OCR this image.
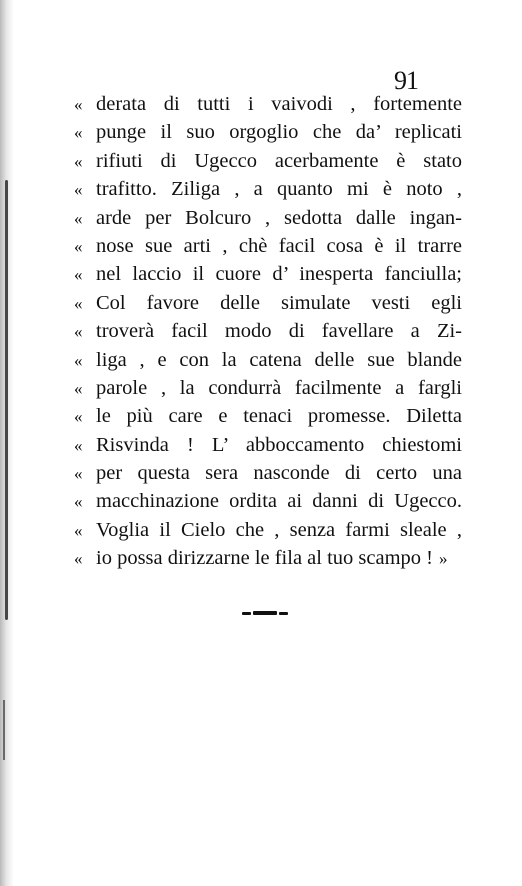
91
« derata di tutti i vaivodi , fortemente
« punge il suo orgoglio che da’ replicati
« rifiuti di Ugecco acerbamente è stato
« trafitto. Ziliga , a quanto mi è noto ,
« arde per Bolcuro , sedotta dalle ingan-
« nose sue arti , chè facil cosa è il trarre
« nel laccio il cuore d’ inesperta fanciulla;
« Col favore delle simulate vesti egli
« troverà facil modo di favellare a Zi-
« liga , e con la catena delle sue blande
« parole , la condurrà facilmente a fargli
« le più care e tenaci promesse. Diletta
« Risvinda ! L’ abboccamento chiestomi
« per questa sera nasconde di certo una
« macchinazione ordita ai danni di Ugecco.
« Voglia il Cielo che , senza farmi sleale ,
« io possa dirizzarne le fila al tuo scampo ! »
